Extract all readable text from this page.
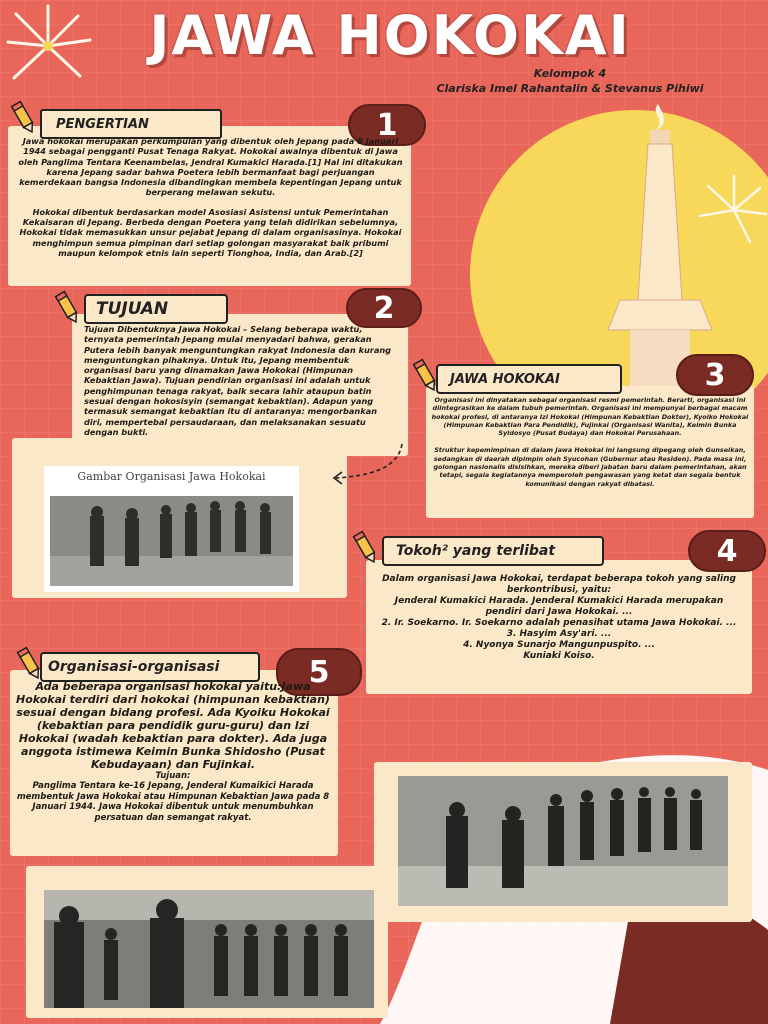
JAWA HOKOKAI
Kelompok 4
Clariska Imel Rahantalin & Stevanus Pihiwi
PENGERTIAN	1

Jawa hokokai merupakan perkumpulan yang dibentuk oleh Jepang pada 8 Januari 1944 sebagai pengganti Pusat Tenaga Rakyat. Hokokai awalnya dibentuk di Jawa oleh Panglima Tentara Keenambelas, Jendral Kumakici Harada.[1] Hal ini ditakukan karena Jepang sadar bahwa Poetera lebih bermanfaat bagi perjuangan kemerdekaan bangsa Indonesia dibandingkan membela kepentingan Jepang untuk berperang melawan sekutu.

Hokokai dibentuk berdasarkan model Asosiasi Asistensi untuk Pemerintahan Kekaisaran di Jepang. Berbeda dengan Poetera yang telah didirikan sebelumnya, Hokokai tidak memasukkan unsur pejabat Jepang di dalam organisasinya. Hokokai menghimpun semua pimpinan dari setiap golongan masyarakat baik pribumi maupun kelompok etnis lain seperti Tionghoa, India, dan Arab.[2]

TUJUAN	2
Tujuan Dibentuknya Jawa Hokokai – Selang beberapa waktu, ternyata pemerintah Jepang mulai menyadari bahwa, gerakan Putera lebih banyak menguntungkan rakyat Indonesia dan kurang menguntungkan pihaknya. Untuk itu, Jepang membentuk organisasi baru yang dinamakan Jawa Hokokai (Himpunan Kebaktian Jawa). Tujuan pendirian organisasi ini adalah untuk penghimpunan tenaga rakyat, baik secara lahir ataupun batin sesuai dengan hokosisyin (semangat kebaktian). Adapun yang termasuk semangat kebaktian itu di antaranya: mengorbankan diri, mempertebal persaudaraan, dan melaksanakan sesuatu dengan bukti.
Gambar Organisasi Jawa Hokokai
JAWA HOKOKAI	3

Organisasi ini dinyatakan sebagai organisasi resmi pemerintah. Berarti, organisasi ini diintegrasikan ke dalam tubuh pemerintah. Organisasi ini mempunyai berbagai macam hokokai profesi, di antaranya Izi Hokokai (Himpunan Kebaktian Dokter), Kyoiko Hokokai (Himpunan Kebaktian Para Pendidik), Fujinkai (Organisasi Wanita), Keimin Bunka Syidosyo (Pusat Budaya) dan Hokokai Perusahaan.

Struktur kepemimpinan di dalam Jawa Hokokai ini langsung dipegang oleh Gunseikan, sedangkan di daerah dipimpin oleh Syucohan (Gubernur atau Residen). Pada masa ini, golongan nasionalis disisihkan, mereka diberi jabatan baru dalam pemerintahan, akan tetapi, segala kegiatannya memperoleh pengawasan yang ketat dan segala bentuk komunikasi dengan rakyat dibatasi.

Tokoh² yang terlibat	4
Dalam organisasi Jawa Hokokai, terdapat beberapa tokoh yang saling berkontribusi, yaitu:
Jenderal Kumakici Harada. Jenderal Kumakici Harada merupakan pendiri dari Jawa Hokokai. ...
2. Ir. Soekarno. Ir. Soekarno adalah penasihat utama Jawa Hokokai. ...
3. Hasyim Asy'ari. ...
4. Nyonya Sunarjo Mangunpuspito. ...
Kuniaki Koiso.
Organisasi-organisasi	5
Ada beberapa organisasi hokokai yaitu:Jawa Hokokai terdiri dari hokokai (himpunan kebaktian) sesuai dengan bidang profesi. Ada Kyoiku Hokokai (kebaktian para pendidik guru-guru) dan Izi Hokokai (wadah kebaktian para dokter). Ada juga anggota istimewa Keimin Bunka Shidosho (Pusat Kebudayaan) dan Fujinkai.
Tujuan:
Panglima Tentara ke-16 Jepang, Jenderal Kumaikici Harada membentuk Jawa Hokokai atau Himpunan Kebaktian Jawa pada 8 Januari 1944. Jawa Hokokai dibentuk untuk menumbuhkan persatuan dan semangat rakyat.
